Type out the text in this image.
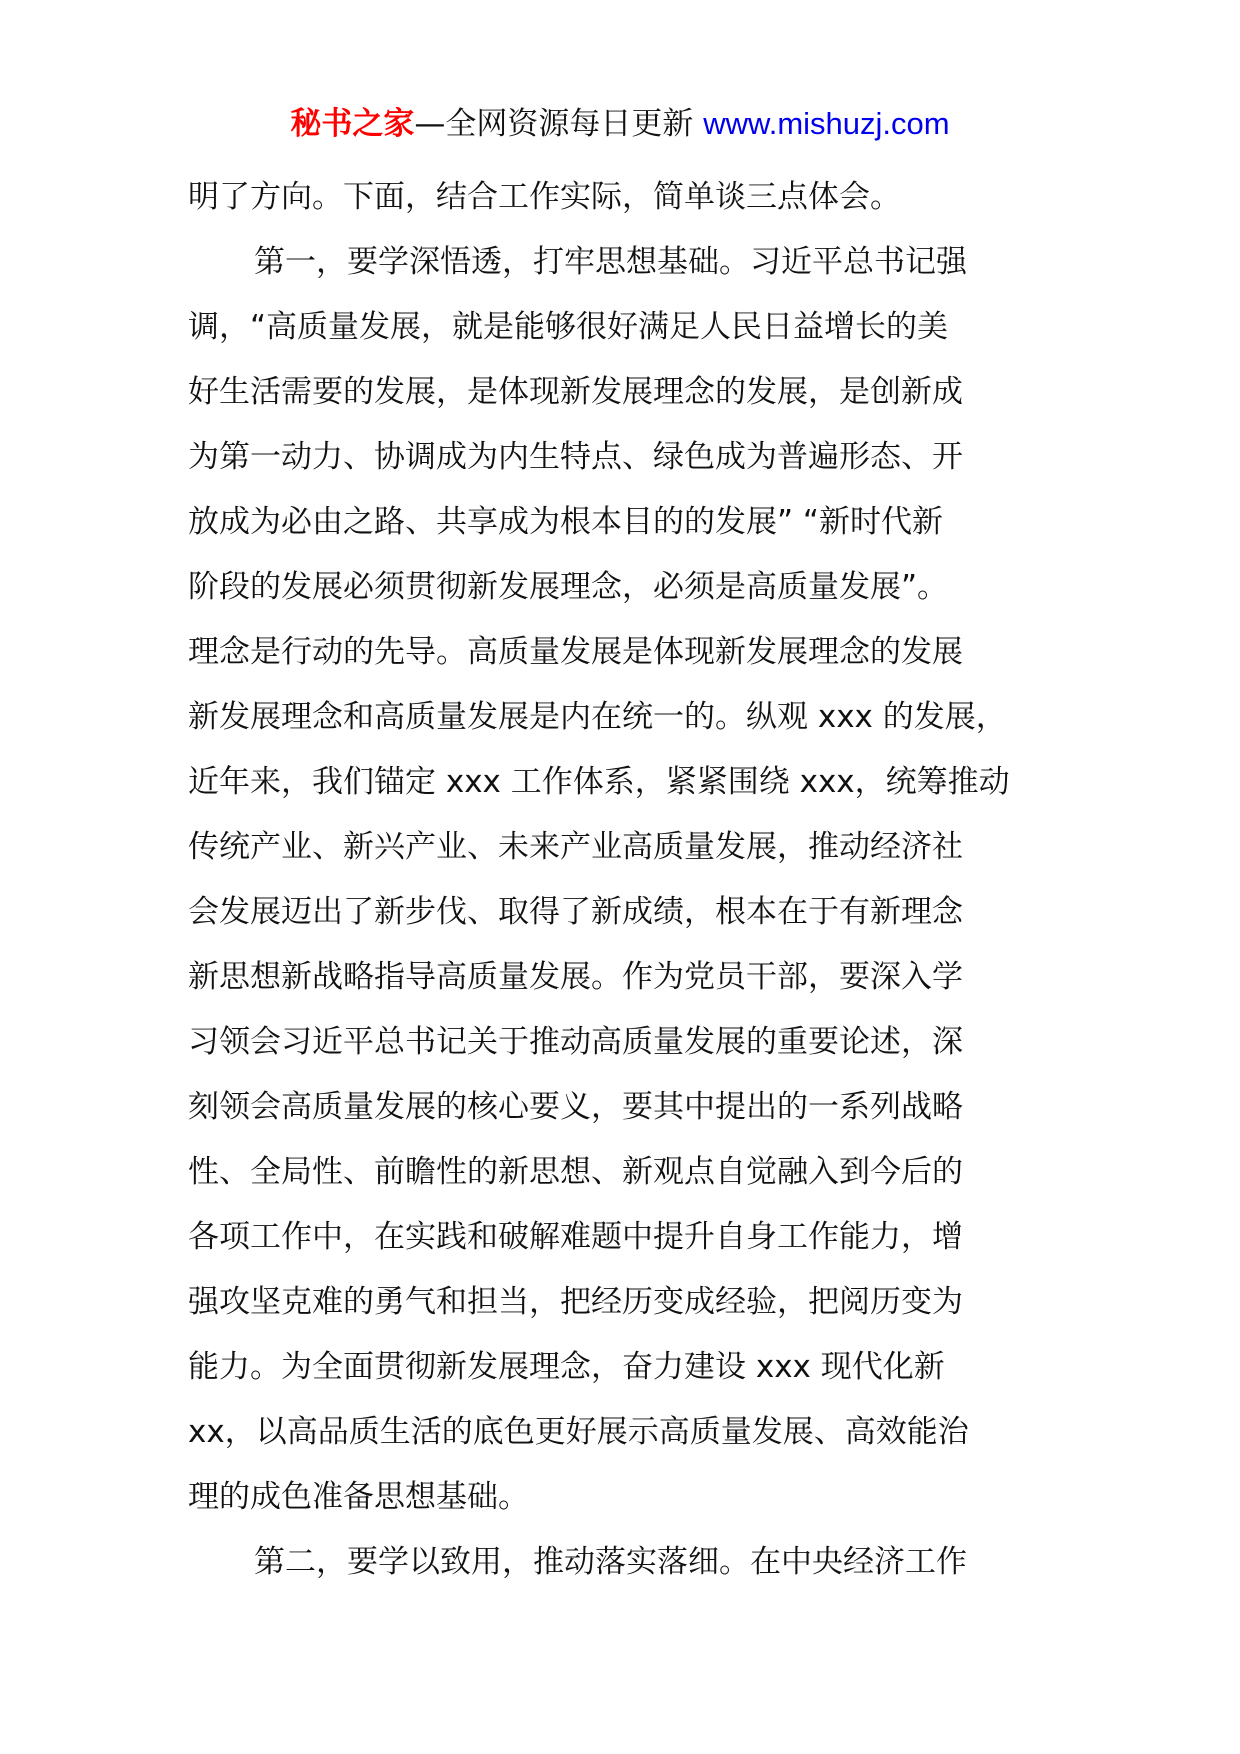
秘书之家—全网资源每日更新 www.mishuzj.com
明了方向。下面，结合工作实际，简单谈三点体会。
第一，要学深悟透，打牢思想基础。习近平总书记强
调，“高质量发展，就是能够很好满足人民日益增长的美
好生活需要的发展，是体现新发展理念的发展，是创新成
为第一动力、协调成为内生特点、绿色成为普遍形态、开
放成为必由之路、共享成为根本目的的发展” “新时代新
阶段的发展必须贯彻新发展理念，必须是高质量发展”。
理念是行动的先导。高质量发展是体现新发展理念的发展
新发展理念和高质量发展是内在统一的。纵观 xxx 的发展，
近年来，我们锚定 xxx 工作体系，紧紧围绕 xxx，统筹推动
传统产业、新兴产业、未来产业高质量发展，推动经济社
会发展迈出了新步伐、取得了新成绩，根本在于有新理念
新思想新战略指导高质量发展。作为党员干部，要深入学
习领会习近平总书记关于推动高质量发展的重要论述，深
刻领会高质量发展的核心要义，要其中提出的一系列战略
性、全局性、前瞻性的新思想、新观点自觉融入到今后的
各项工作中，在实践和破解难题中提升自身工作能力，增
强攻坚克难的勇气和担当，把经历变成经验，把阅历变为
能力。为全面贯彻新发展理念，奋力建设 xxx 现代化新
xx，以高品质生活的底色更好展示高质量发展、高效能治
理的成色准备思想基础。
第二，要学以致用，推动落实落细。在中央经济工作
